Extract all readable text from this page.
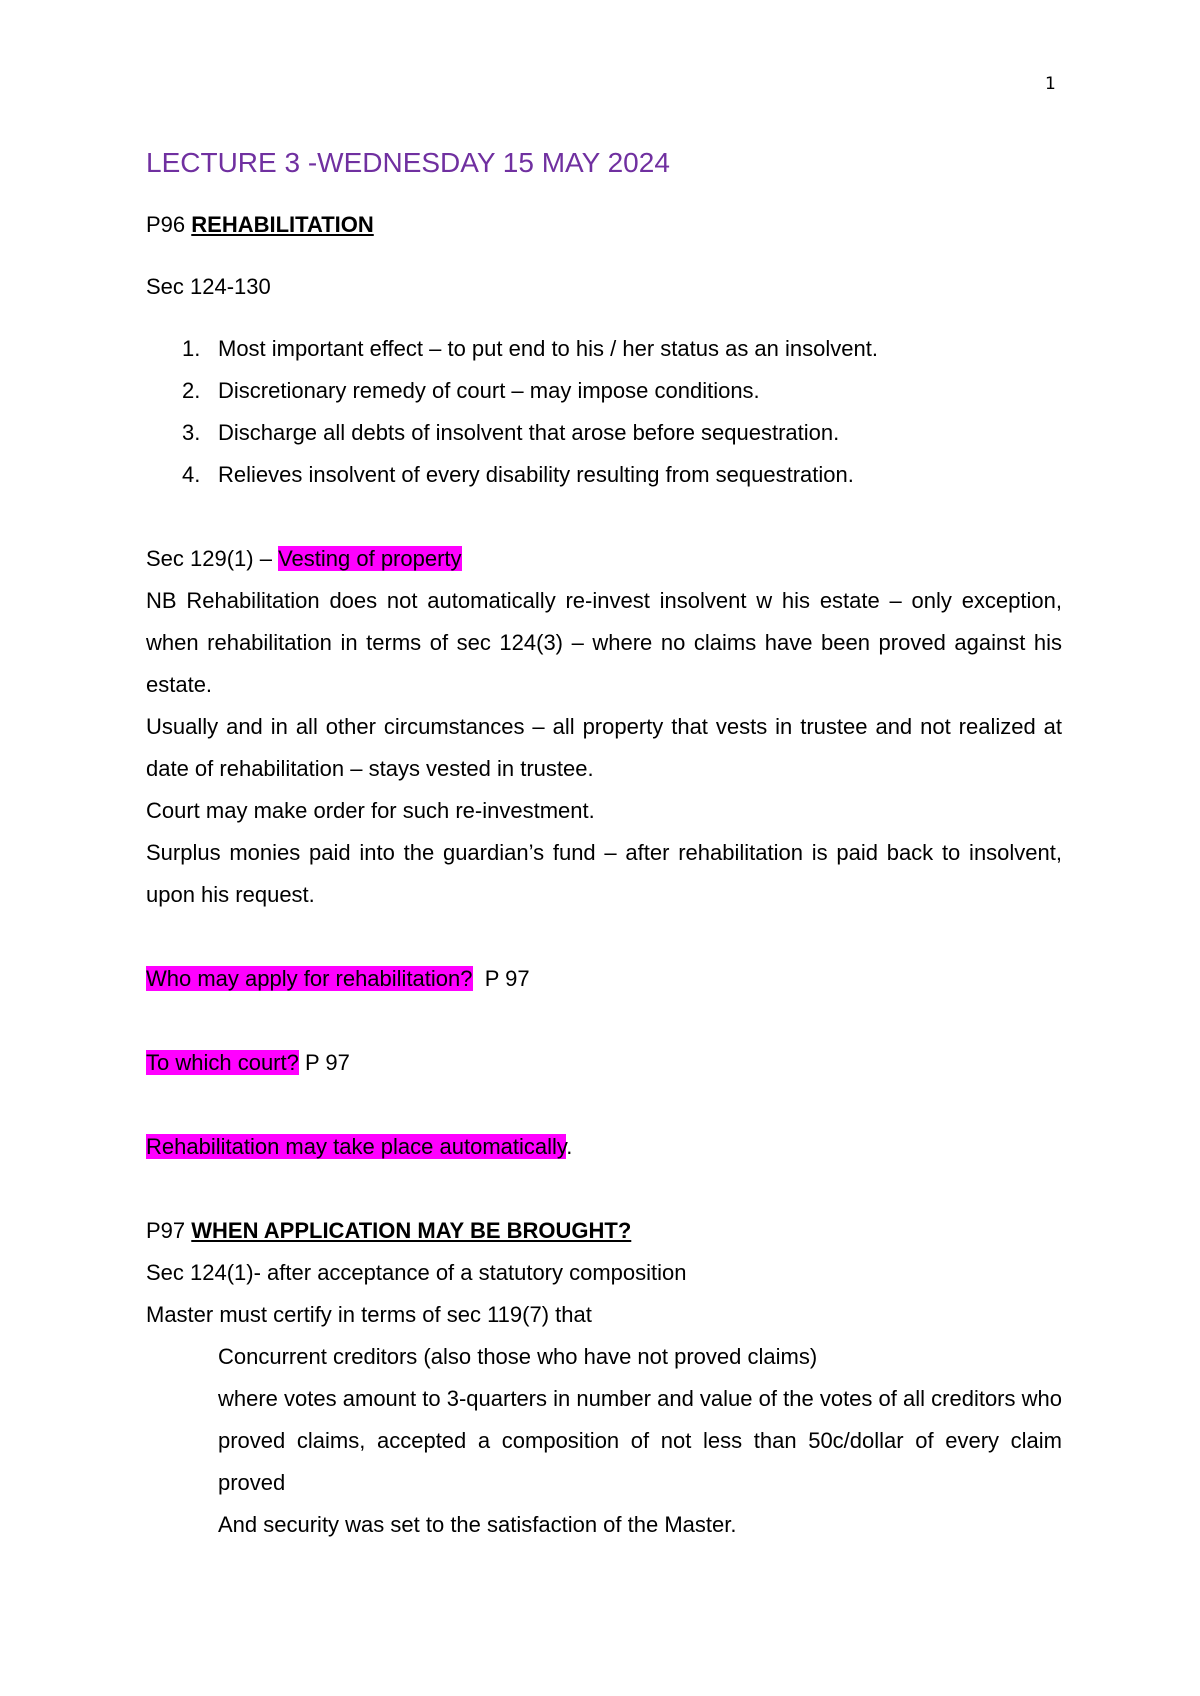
1
LECTURE 3 -WEDNESDAY 15 MAY 2024

P96 REHABILITATION

Sec 124-130

1. Most important effect – to put end to his / her status as an insolvent.
2. Discretionary remedy of court – may impose conditions.
3. Discharge all debts of insolvent that arose before sequestration.
4. Relieves insolvent of every disability resulting from sequestration.

Sec 129(1) – Vesting of property

NB Rehabilitation does not automatically re-invest insolvent w his estate – only exception, when rehabilitation in terms of sec 124(3) – where no claims have been proved against his estate.

Usually and in all other circumstances – all property that vests in trustee and not realized at date of rehabilitation – stays vested in trustee.

Court may make order for such re-investment.

Surplus monies paid into the guardian’s fund – after rehabilitation is paid back to insolvent, upon his request.

Who may apply for rehabilitation?  P 97

To which court? P 97

Rehabilitation may take place automatically.

P97 WHEN APPLICATION MAY BE BROUGHT?

Sec 124(1)- after acceptance of a statutory composition

Master must certify in terms of sec 119(7) that

Concurrent creditors (also those who have not proved claims)

where votes amount to 3-quarters in number and value of the votes of all creditors who proved claims, accepted a composition of not less than 50c/dollar of every claim proved

And security was set to the satisfaction of the Master.
